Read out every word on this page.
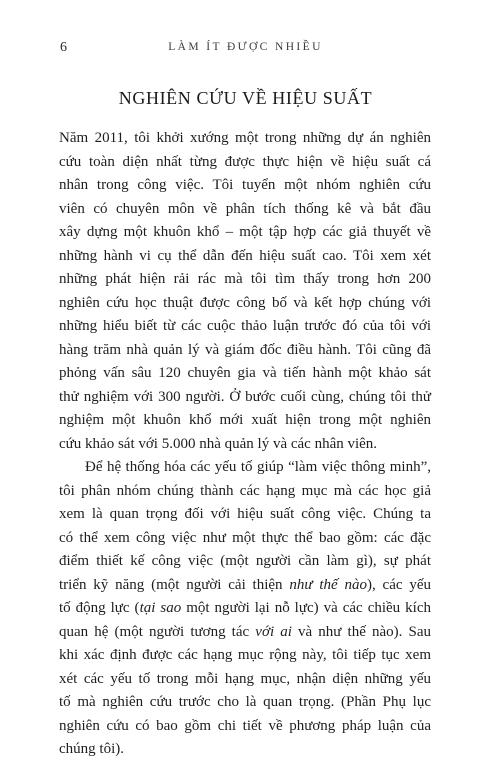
6	LÀM ÍT ĐƯỢC NHIỀU
NGHIÊN CỨU VỀ HIỆU SUẤT

Năm 2011, tôi khởi xướng một trong những dự án nghiên
cứu toàn diện nhất từng được thực hiện về hiệu suất cá
nhân trong công việc. Tôi tuyển một nhóm nghiên cứu
viên có chuyên môn về phân tích thống kê và bắt đầu
xây dựng một khuôn khổ – một tập hợp các giả thuyết về
những hành vi cụ thể dẫn đến hiệu suất cao. Tôi xem xét
những phát hiện rải rác mà tôi tìm thấy trong hơn 200
nghiên cứu học thuật được công bố và kết hợp chúng với
những hiểu biết từ các cuộc thảo luận trước đó của tôi với
hàng trăm nhà quản lý và giám đốc điều hành. Tôi cũng đã
phỏng vấn sâu 120 chuyên gia và tiến hành một khảo sát
thử nghiệm với 300 người. Ở bước cuối cùng, chúng tôi thử
nghiệm một khuôn khổ mới xuất hiện trong một nghiên
cứu khảo sát với 5.000 nhà quản lý và các nhân viên.

Để hệ thống hóa các yếu tố giúp “làm việc thông minh”,
tôi phân nhóm chúng thành các hạng mục mà các học giả
xem là quan trọng đối với hiệu suất công việc. Chúng ta
có thể xem công việc như một thực thể bao gồm: các đặc
điểm thiết kế công việc (một người cần làm gì), sự phát
triển kỹ năng (một người cải thiện như thế nào), các yếu
tố động lực (tại sao một người lại nỗ lực) và các chiều kích
quan hệ (một người tương tác với ai và như thế nào). Sau
khi xác định được các hạng mục rộng này, tôi tiếp tục xem
xét các yếu tố trong mỗi hạng mục, nhận diện những yếu
tố mà nghiên cứu trước cho là quan trọng. (Phần Phụ lục
nghiên cứu có bao gồm chi tiết về phương pháp luận của
chúng tôi).
